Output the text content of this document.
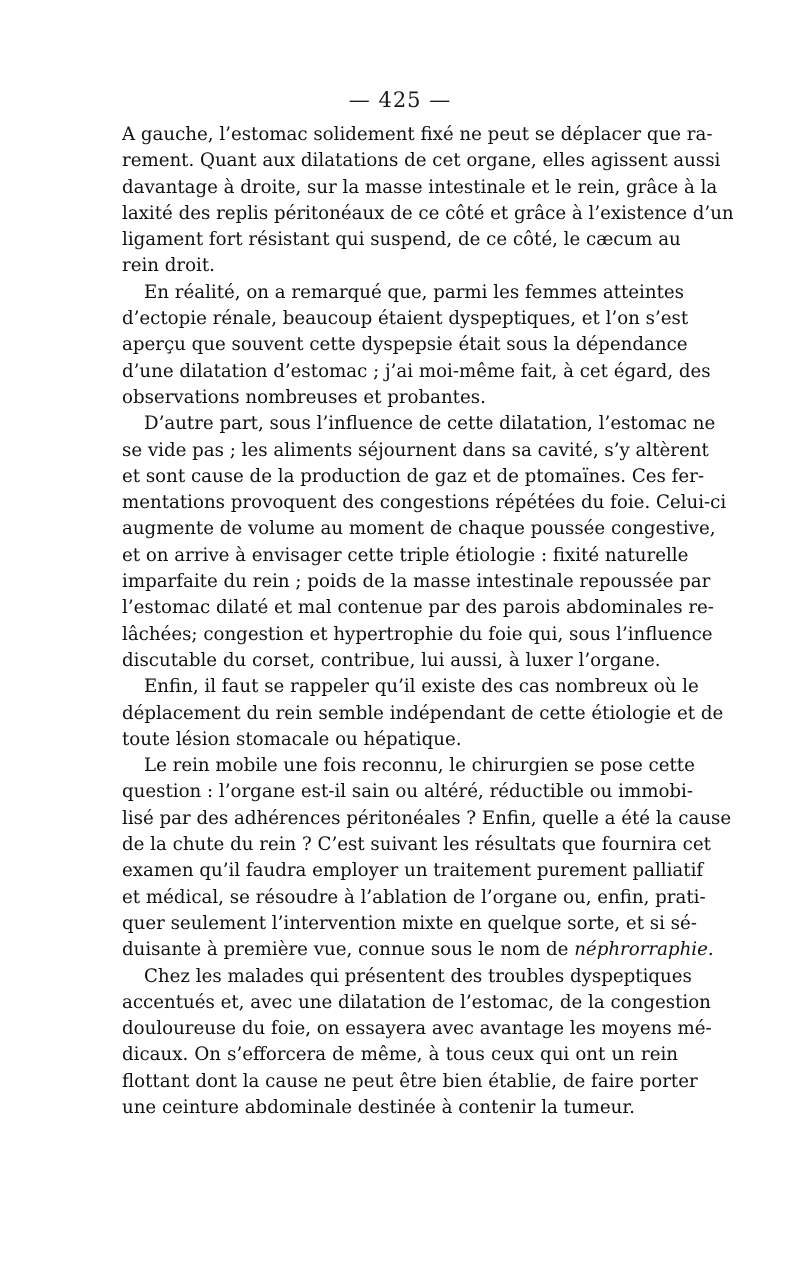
— 425 —
A gauche, l’estomac solidement fixé ne peut se déplacer que ra-
rement. Quant aux dilatations de cet organe, elles agissent aussi
davantage à droite, sur la masse intestinale et le rein, grâce à la
laxité des replis péritonéaux de ce côté et grâce à l’existence d’un
ligament fort résistant qui suspend, de ce côté, le cæcum au
rein droit.
En réalité, on a remarqué que, parmi les femmes atteintes
d’ectopie rénale, beaucoup étaient dyspeptiques, et l’on s’est
aperçu que souvent cette dyspepsie était sous la dépendance
d’une dilatation d’estomac ; j’ai moi-même fait, à cet égard, des
observations nombreuses et probantes.
D’autre part, sous l’influence de cette dilatation, l’estomac ne
se vide pas ; les aliments séjournent dans sa cavité, s’y altèrent
et sont cause de la production de gaz et de ptomaïnes. Ces fer-
mentations provoquent des congestions répétées du foie. Celui-ci
augmente de volume au moment de chaque poussée congestive,
et on arrive à envisager cette triple étiologie : fixité naturelle
imparfaite du rein ; poids de la masse intestinale repoussée par
l’estomac dilaté et mal contenue par des parois abdominales re-
lâchées; congestion et hypertrophie du foie qui, sous l’influence
discutable du corset, contribue, lui aussi, à luxer l’organe.
Enfin, il faut se rappeler qu’il existe des cas nombreux où le
déplacement du rein semble indépendant de cette étiologie et de
toute lésion stomacale ou hépatique.
Le rein mobile une fois reconnu, le chirurgien se pose cette
question : l’organe est-il sain ou altéré, réductible ou immobi-
lisé par des adhérences péritonéales ? Enfin, quelle a été la cause
de la chute du rein ? C’est suivant les résultats que fournira cet
examen qu’il faudra employer un traitement purement palliatif
et médical, se résoudre à l’ablation de l’organe ou, enfin, prati-
quer seulement l’intervention mixte en quelque sorte, et si sé-
duisante à première vue, connue sous le nom de néphrorraphie.
Chez les malades qui présentent des troubles dyspeptiques
accentués et, avec une dilatation de l’estomac, de la congestion
douloureuse du foie, on essayera avec avantage les moyens mé-
dicaux. On s’efforcera de même, à tous ceux qui ont un rein
flottant dont la cause ne peut être bien établie, de faire porter
une ceinture abdominale destinée à contenir la tumeur.
